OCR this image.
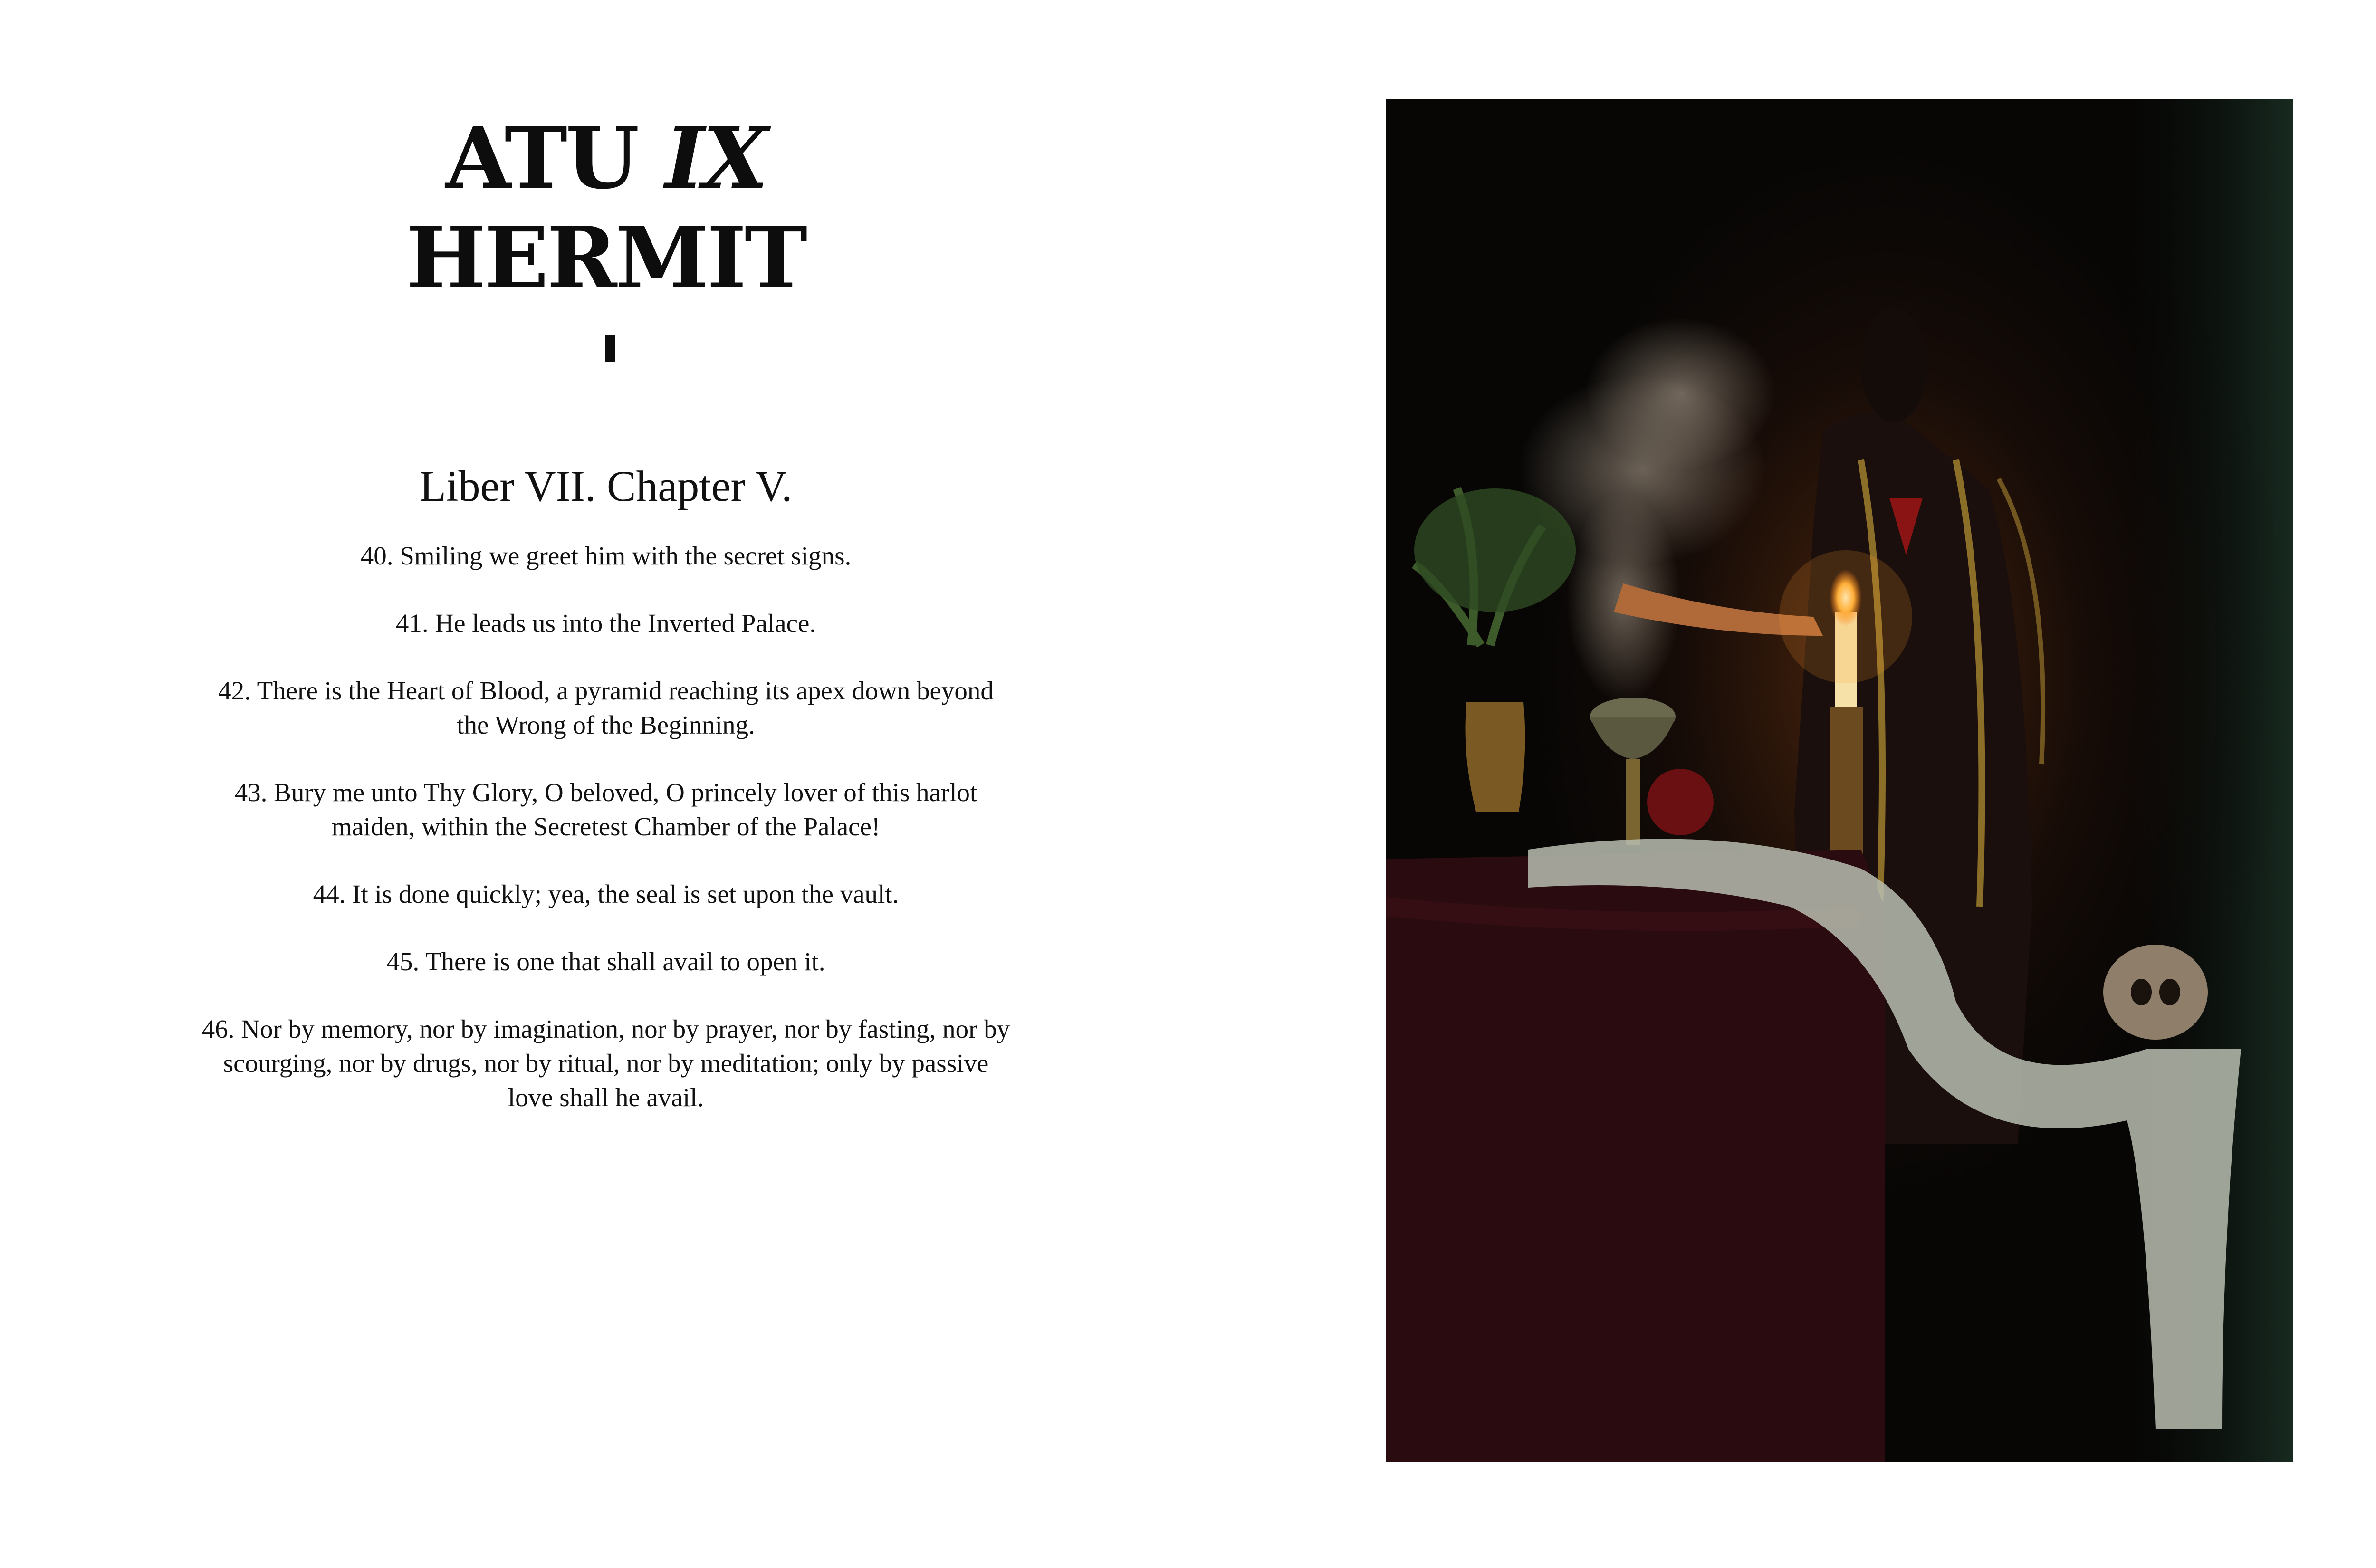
ATU IX
HERMIT
Liber VII. Chapter V.

40. Smiling we greet him with the secret signs.

41. He leads us into the Inverted Palace.

42. There is the Heart of Blood, a pyramid reaching its apex down beyond the Wrong of the Beginning.

43. Bury me unto Thy Glory, O beloved, O princely lover of this harlot maiden, within the Secretest Chamber of the Palace!

44. It is done quickly; yea, the seal is set upon the vault.

45. There is one that shall avail to open it.

46. Nor by memory, nor by imagination, nor by prayer, nor by fasting, nor by scourging, nor by drugs, nor by ritual, nor by meditation; only by passive love shall he avail.
